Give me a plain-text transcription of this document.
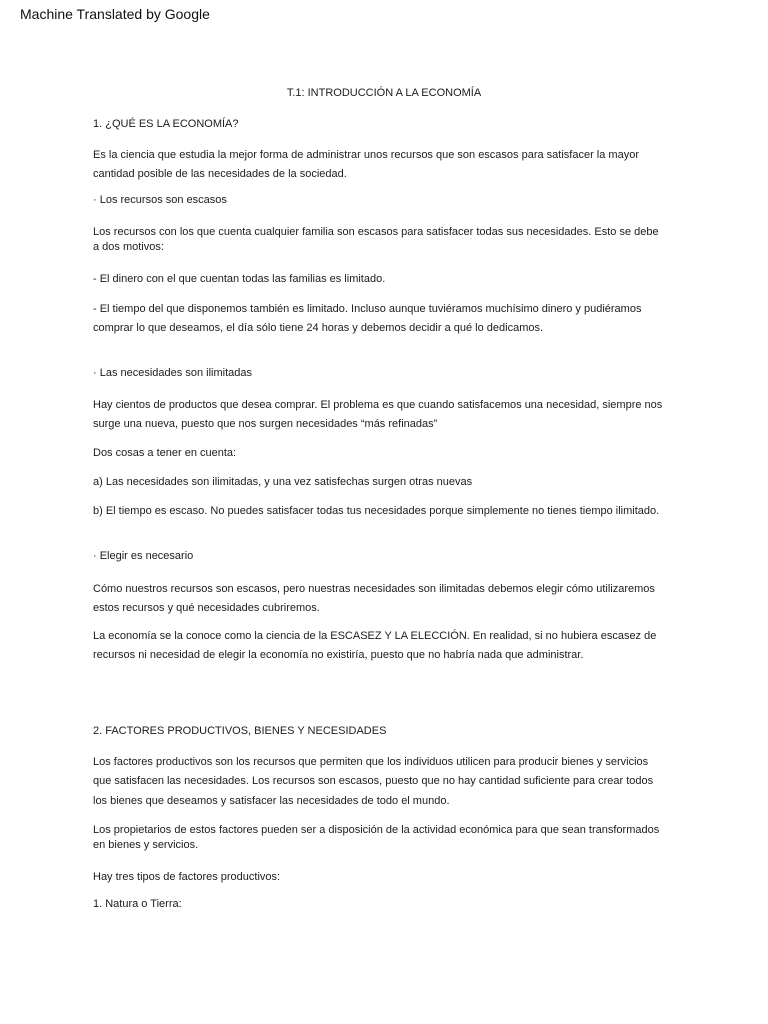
Machine Translated by Google
T.1: INTRODUCCIÓN A LA ECONOMÍA
1. ¿QUÉ ES LA ECONOMÍA?
Es la ciencia que estudia la mejor forma de administrar unos recursos que son escasos para satisfacer la mayor
cantidad posible de las necesidades de la sociedad.
· Los recursos son escasos
Los recursos con los que cuenta cualquier familia son escasos para satisfacer todas sus necesidades. Esto se debe
a dos motivos:
- El dinero con el que cuentan todas las familias es limitado.
- El tiempo del que disponemos también es limitado. Incluso aunque tuviéramos muchísimo dinero y pudiéramos
comprar lo que deseamos, el día sólo tiene 24 horas y debemos decidir a qué lo dedicamos.
· Las necesidades son ilimitadas
Hay cientos de productos que desea comprar. El problema es que cuando satisfacemos una necesidad, siempre nos
surge una nueva, puesto que nos surgen necesidades “más refinadas”
Dos cosas a tener en cuenta:
a) Las necesidades son ilimitadas, y una vez satisfechas surgen otras nuevas
b) El tiempo es escaso. No puedes satisfacer todas tus necesidades porque simplemente no tienes tiempo ilimitado.
· Elegir es necesario
Cómo nuestros recursos son escasos, pero nuestras necesidades son ilimitadas debemos elegir cómo utilizaremos
estos recursos y qué necesidades cubriremos.
La economía se la conoce como la ciencia de la ESCASEZ Y LA ELECCIÓN. En realidad, si no hubiera escasez de
recursos ni necesidad de elegir la economía no existiría, puesto que no habría nada que administrar.
2. FACTORES PRODUCTIVOS, BIENES Y NECESIDADES
Los factores productivos son los recursos que permiten que los individuos utilicen para producir bienes y servicios
que satisfacen las necesidades. Los recursos son escasos, puesto que no hay cantidad suficiente para crear todos
los bienes que deseamos y satisfacer las necesidades de todo el mundo.
Los propietarios de estos factores pueden ser a disposición de la actividad económica para que sean transformados
en bienes y servicios.
Hay tres tipos de factores productivos:
1. Natura o Tierra:
